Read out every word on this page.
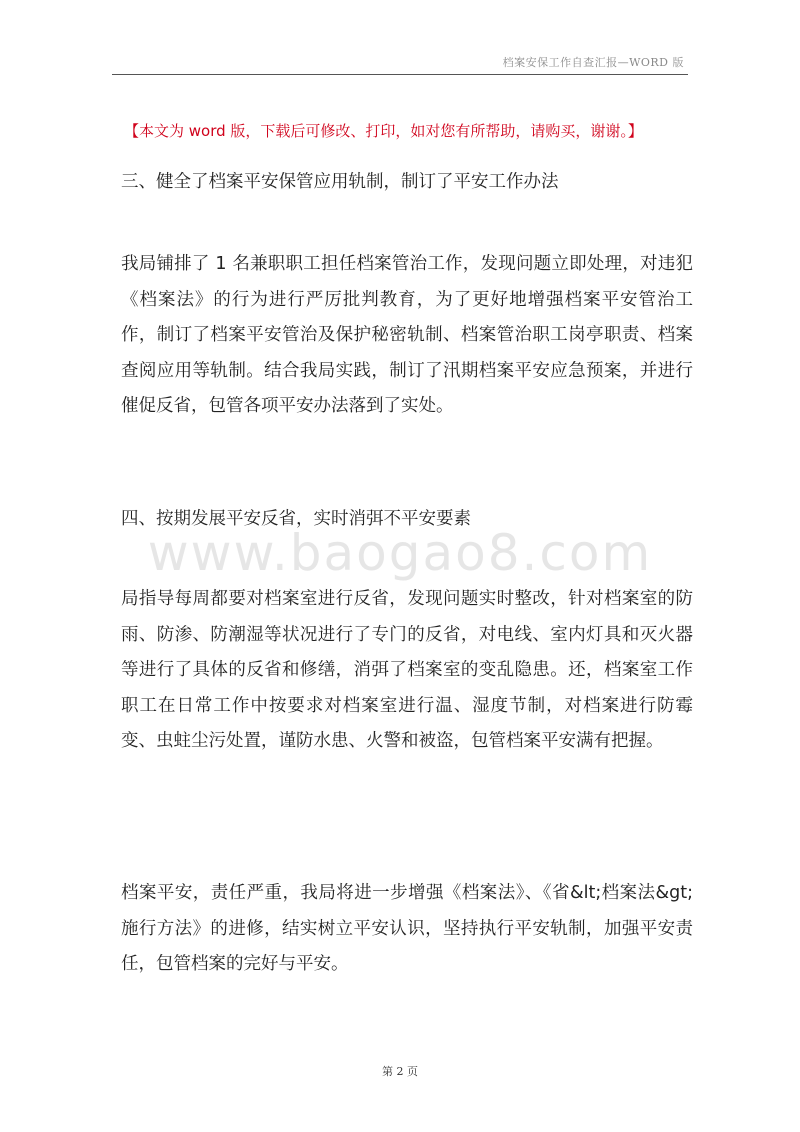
档案安保工作自查汇报—WORD 版
【本文为 word 版，下载后可修改、打印，如对您有所帮助，请购买，谢谢。】
三、健全了档案平安保管应用轨制，制订了平安工作办法
我局铺排了 1 名兼职职工担任档案管治工作，发现问题立即处理，对违犯《档案法》的行为进行严厉批判教育，为了更好地增强档案平安管治工作，制订了档案平安管治及保护秘密轨制、档案管治职工岗亭职责、档案查阅应用等轨制。结合我局实践，制订了汛期档案平安应急预案，并进行催促反省，包管各项平安办法落到了实处。
四、按期发展平安反省，实时消弭不平安要素
www.baogao8.com
局指导每周都要对档案室进行反省，发现问题实时整改，针对档案室的防雨、防渗、防潮湿等状况进行了专门的反省，对电线、室内灯具和灭火器等进行了具体的反省和修缮，消弭了档案室的变乱隐患。还，档案室工作职工在日常工作中按要求对档案室进行温、湿度节制，对档案进行防霉变、虫蛀尘污处置，谨防水患、火警和被盗，包管档案平安满有把握。
档案平安，责任严重，我局将进一步增强《档案法》、《省&lt;档案法&gt;施行方法》的进修，结实树立平安认识，坚持执行平安轨制，加强平安责任，包管档案的完好与平安。
第 2 页
